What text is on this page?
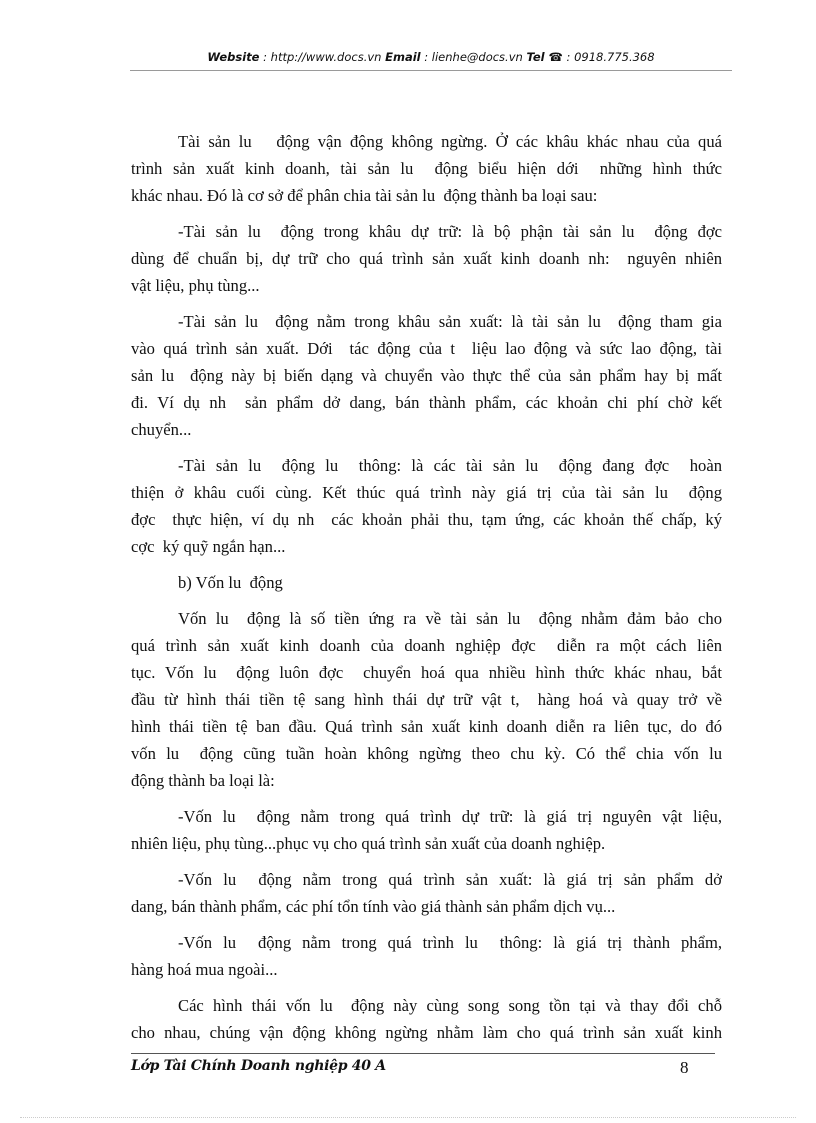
Website : http://www.docs.vn Email : lienhe@docs.vn Tel ☎ : 0918.775.368
Tài sản lu   động vận động không ngừng. Ở các khâu khác nhau của quá
trình sản xuất kinh doanh, tài sản lu  động biểu hiện dới  những hình thức
khác nhau. Đó là cơ sở để phân chia tài sản lu  động thành ba loại sau:
-Tài sản lu  động trong khâu dự trữ: là bộ phận tài sản lu  động đợc
dùng để chuẩn bị, dự trữ cho quá trình sản xuất kinh doanh nh:  nguyên nhiên
vật liệu, phụ tùng...
-Tài sản lu  động nằm trong khâu sản xuất: là tài sản lu  động tham gia
vào quá trình sản xuất. Dới  tác động của t  liệu lao động và sức lao động, tài
sản lu  động này bị biến dạng và chuyển vào thực thể của sản phẩm hay bị mất
đi. Ví dụ nh  sản phẩm dở dang, bán thành phẩm, các khoản chi phí chờ kết
chuyển...
-Tài sản lu  động lu  thông: là các tài sản lu  động đang đợc  hoàn
thiện ở khâu cuối cùng. Kết thúc quá trình này giá trị của tài sản lu  động
đợc  thực hiện, ví dụ nh  các khoản phải thu, tạm ứng, các khoản thế chấp, ký
cợc  ký quỹ ngắn hạn...
b) Vốn lu  động
Vốn lu  động là số tiền ứng ra về tài sản lu  động nhằm đảm bảo cho
quá trình sản xuất kinh doanh của doanh nghiệp đợc  diễn ra một cách liên
tục. Vốn lu  động luôn đợc  chuyển hoá qua nhiều hình thức khác nhau, bắt
đầu từ hình thái tiền tệ sang hình thái dự trữ vật t,  hàng hoá và quay trở về
hình thái tiền tệ ban đầu. Quá trình sản xuất kinh doanh diễn ra liên tục, do đó
vốn lu  động cũng tuần hoàn không ngừng theo chu kỳ. Có thể chia vốn lu
động thành ba loại là:
-Vốn lu  động nằm trong quá trình dự trữ: là giá trị nguyên vật liệu,
nhiên liệu, phụ tùng...phục vụ cho quá trình sản xuất của doanh nghiệp.
-Vốn lu  động nằm trong quá trình sản xuất: là giá trị sản phẩm dở
dang, bán thành phẩm, các phí tổn tính vào giá thành sản phẩm dịch vụ...
-Vốn lu  động nằm trong quá trình lu  thông: là giá trị thành phẩm,
hàng hoá mua ngoài...
Các hình thái vốn lu  động này cùng song song tồn tại và thay đổi chỗ
cho nhau, chúng vận động không ngừng nhằm làm cho quá trình sản xuất kinh
Lớp Tài Chính Doanh nghiệp 40 A	8
